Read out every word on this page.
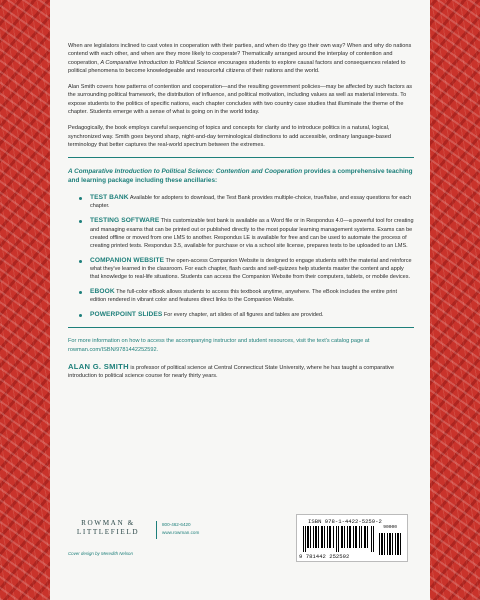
When are legislators inclined to cast votes in cooperation with their parties, and when do they go their own way? When and why do nations contend with each other, and when are they more likely to cooperate? Thematically arranged around the interplay of contention and cooperation, A Comparative Introduction to Political Science encourages students to explore causal factors and consequences related to political phenomena to become knowledgeable and resourceful citizens of their nations and the world.

Alan Smith covers how patterns of contention and cooperation—and the resulting government policies—may be affected by such factors as the surrounding political framework, the distribution of influence, and political motivation, including values as well as material interests. To expose students to the politics of specific nations, each chapter concludes with two country case studies that illuminate the theme of the chapter. Students emerge with a sense of what is going on in the world today.

Pedagogically, the book employs careful sequencing of topics and concepts for clarity and to introduce politics in a natural, logical, synchronized way. Smith goes beyond sharp, night-and-day terminological distinctions to add accessible, ordinary language-based terminology that better captures the real-world spectrum between the extremes.

A Comparative Introduction to Political Science: Contention and Cooperation provides a comprehensive teaching and learning package including these ancillaries:

TEST BANK Available for adopters to download, the Test Bank provides multiple-choice, true/false, and essay questions for each chapter.
TESTING SOFTWARE This customizable test bank is available as a Word file or in Respondus 4.0—a powerful tool for creating and managing exams that can be printed out or published directly to the most popular learning management systems. Exams can be created offline or moved from one LMS to another. Respondus LE is available for free and can be used to automate the process of creating printed tests. Respondus 3.5, available for purchase or via a school site license, prepares tests to be uploaded to an LMS.
COMPANION WEBSITE The open-access Companion Website is designed to engage students with the material and reinforce what they've learned in the classroom. For each chapter, flash cards and self-quizzes help students master the content and apply that knowledge to real-life situations. Students can access the Companion Website from their computers, tablets, or mobile devices.
EBOOK The full-color eBook allows students to access this textbook anytime, anywhere. The eBook includes the entire print edition rendered in vibrant color and features direct links to the Companion Website.
POWERPOINT SLIDES For every chapter, art slides of all figures and tables are provided.

For more information on how to access the accompanying instructor and student resources, visit the text's catalog page at rowman.com/ISBN/9781442252592.

ALAN G. SMITH is professor of political science at Central Connecticut State University, where he has taught a comparative introduction to political science course for nearly thirty years.

ROWMAN &
LITTLEFIELD
800-462-6420
www.rowman.com
Cover design by Meredith Nelson
ISBN 978-1-4422-5259-2
9 781442 252592
90000
